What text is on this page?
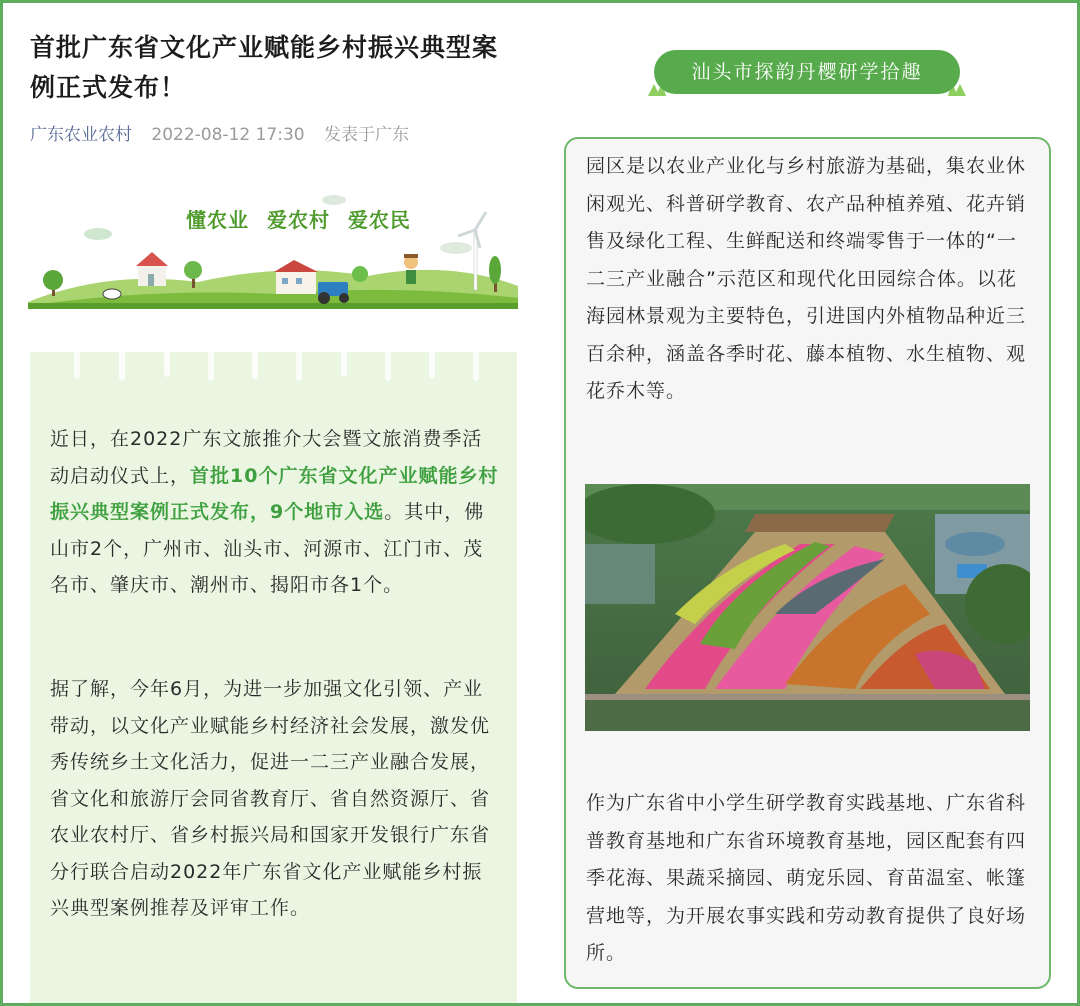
首批广东省文化产业赋能乡村振兴典型案例正式发布！
广东农业农村 2022-08-12 17:30 发表于广东
懂农业 爱农村 爱农民
近日，在2022广东文旅推介大会暨文旅消费季活动启动仪式上，首批10个广东省文化产业赋能乡村振兴典型案例正式发布，9个地市入选。其中，佛山市2个，广州市、汕头市、河源市、江门市、茂名市、肇庆市、潮州市、揭阳市各1个。
据了解，今年6月，为进一步加强文化引领、产业带动，以文化产业赋能乡村经济社会发展，激发优秀传统乡土文化活力，促进一二三产业融合发展，省文化和旅游厅会同省教育厅、省自然资源厅、省农业农村厅、省乡村振兴局和国家开发银行广东省分行联合启动2022年广东省文化产业赋能乡村振兴典型案例推荐及评审工作。
汕头市探韵丹樱研学拾趣
园区是以农业产业化与乡村旅游为基础，集农业休闲观光、科普研学教育、农产品种植养殖、花卉销售及绿化工程、生鲜配送和终端零售于一体的“一二三产业融合”示范区和现代化田园综合体。以花海园林景观为主要特色，引进国内外植物品种近三百余种，涵盖各季时花、藤本植物、水生植物、观花乔木等。
作为广东省中小学生研学教育实践基地、广东省科普教育基地和广东省环境教育基地，园区配套有四季花海、果蔬采摘园、萌宠乐园、育苗温室、帐篷营地等，为开展农事实践和劳动教育提供了良好场所。
